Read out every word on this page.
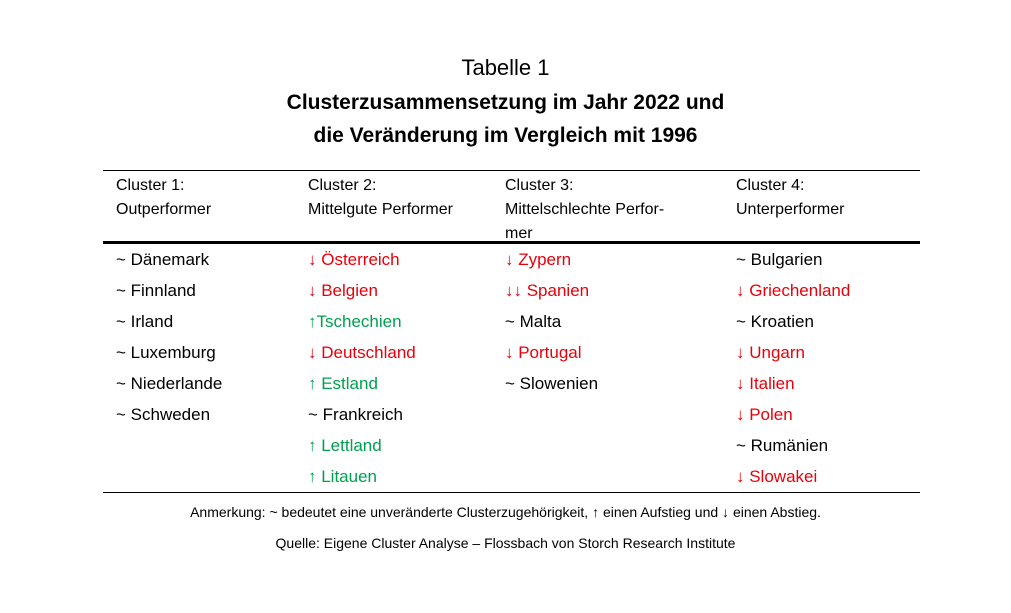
Tabelle 1
Clusterzusammensetzung im Jahr 2022 und
die Veränderung im Vergleich mit 1996
Cluster 1:
Outperformer
Cluster 2:
Mittelgute Performer
Cluster 3:
Mittelschlechte Perfor-
mer
Cluster 4:
Unterperformer
~ Dänemark
~ Finnland
~ Irland
~ Luxemburg
~ Niederlande
~ Schweden
↓ Österreich
↓ Belgien
↑Tschechien
↓ Deutschland
↑ Estland
~ Frankreich
↑ Lettland
↑ Litauen
↓ Zypern
↓↓ Spanien
~ Malta
↓ Portugal
~ Slowenien
~ Bulgarien
↓ Griechenland
~ Kroatien
↓ Ungarn
↓ Italien
↓ Polen
~ Rumänien
↓ Slowakei
Anmerkung: ~ bedeutet eine unveränderte Clusterzugehörigkeit, ↑ einen Aufstieg und ↓ einen Abstieg.
Quelle: Eigene Cluster Analyse – Flossbach von Storch Research Institute
